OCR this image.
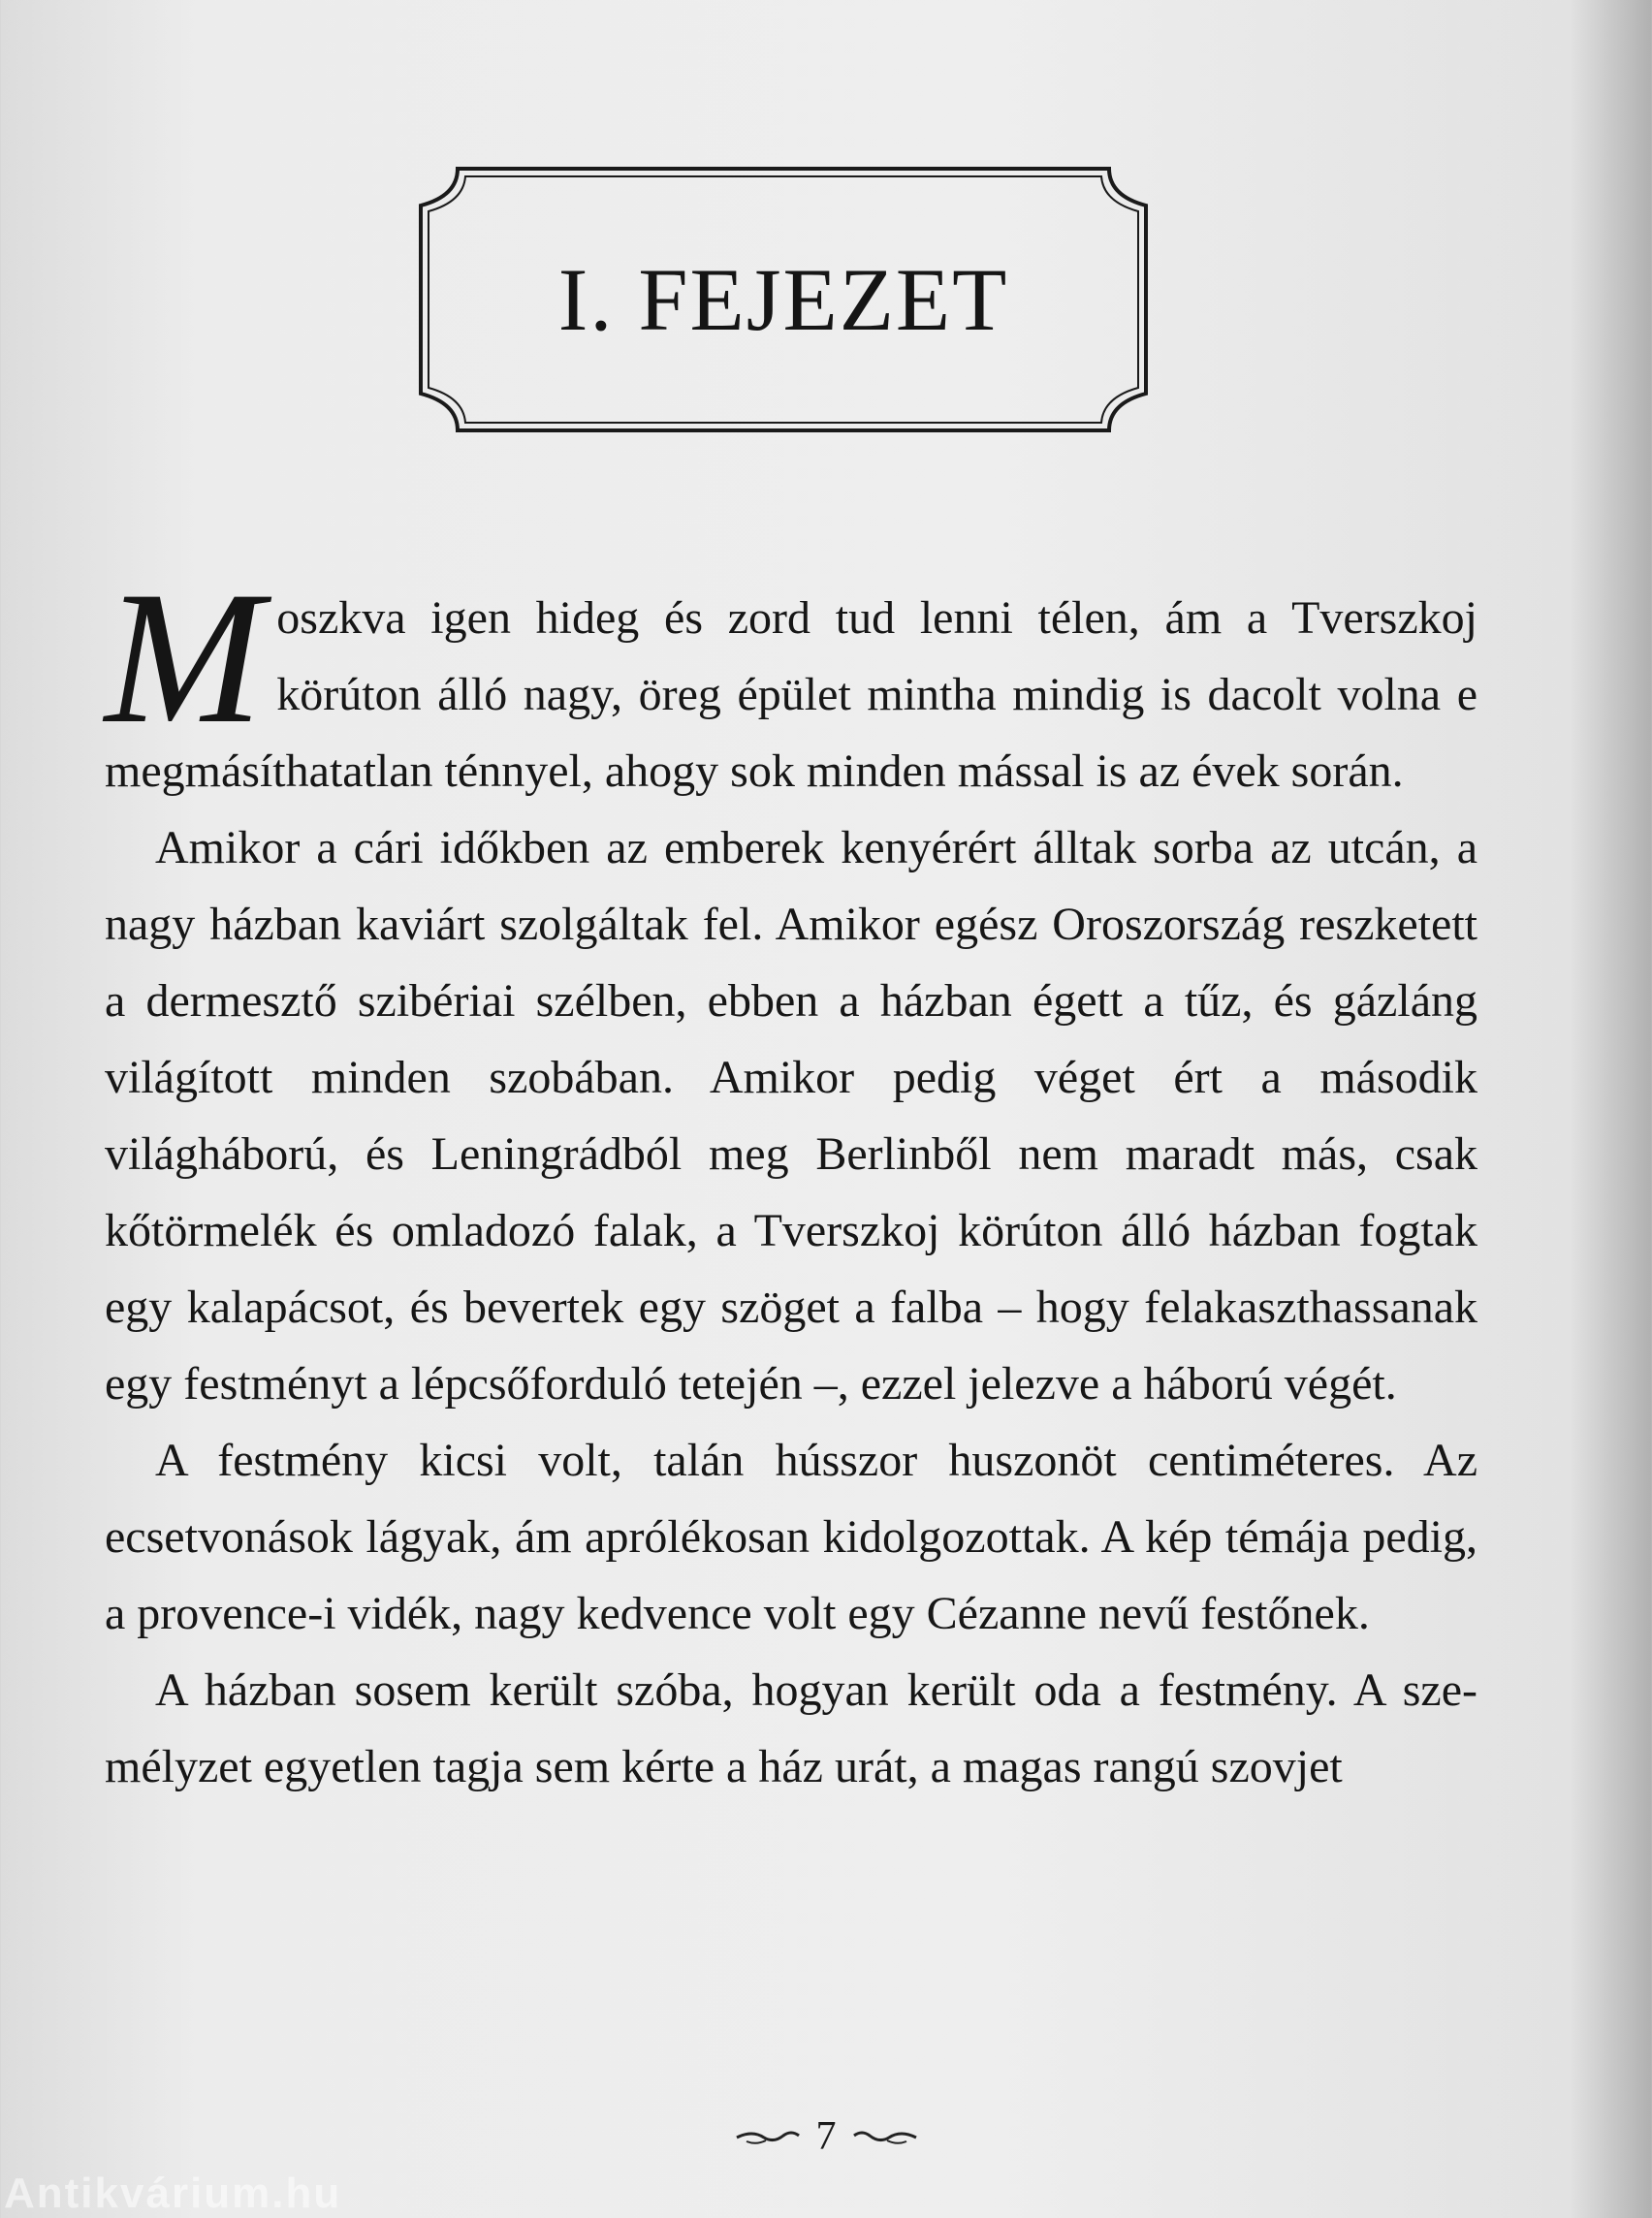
I. FEJEZET

Moszkva igen hideg és zord tud lenni télen, ám a Tverszkoj körúton álló nagy, öreg épület mintha mindig is dacolt volna e megmásíthatatlan ténnyel, ahogy sok minden mással is az évek során.

Amikor a cári időkben az emberek kenyérért álltak sorba az utcán, a nagy házban kaviárt szolgáltak fel. Amikor egész Oroszország reszketett a dermesztő szibériai szélben, ebben a házban égett a tűz, és gázláng világított minden szobában. Amikor pedig véget ért a második világháború, és Leningrádból meg Berlinből nem maradt más, csak kőtörmelék és omladozó falak, a Tverszkoj körúton álló házban fogtak egy kalapácsot, és bevertek egy szöget a falba – hogy felakaszthassanak egy festményt a lépcsőforduló tetején –, ezzel jelezve a háború végét.

A festmény kicsi volt, talán hússzor huszonöt centiméteres. Az ecsetvonások lágyak, ám aprólékosan kidolgozottak. A kép témája pedig, a provence-i vidék, nagy kedvence volt egy Cézanne nevű festőnek.

A házban sosem került szóba, hogyan került oda a festmény. A személyzet egyetlen tagja sem kérte a ház urát, a magas rangú szovjet

7
Antikvárium.hu
